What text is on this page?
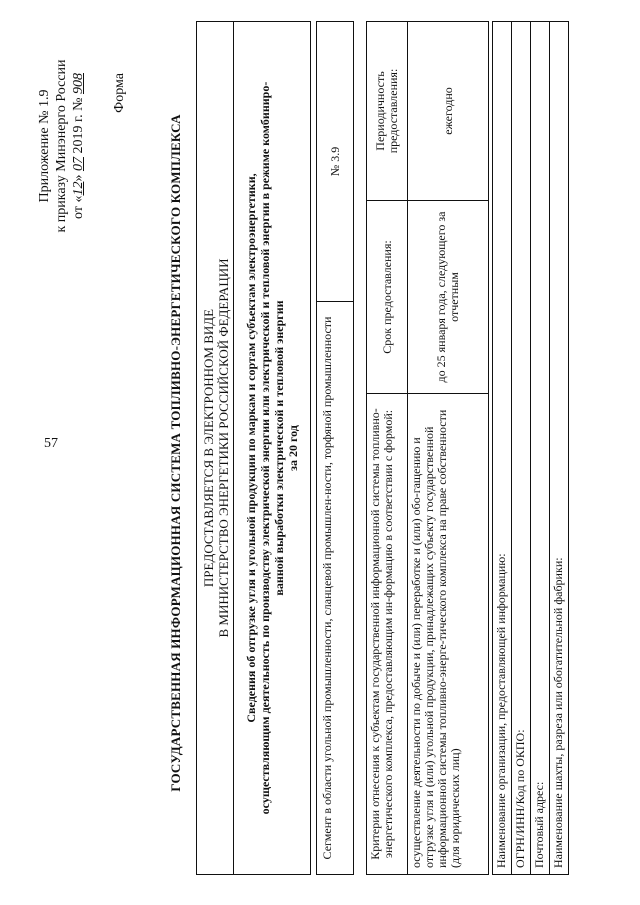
57
Приложение № 1.9 к приказу Минэнерго России от «12» 07 2019 г. № 908 Форма
ГОСУДАРСТВЕННАЯ ИНФОРМАЦИОННАЯ СИСТЕМА ТОПЛИВНО-ЭНЕРГЕТИЧЕСКОГО КОМПЛЕКСА ПРЕДОСТАВЛЯЕТСЯ В ЭЛЕКТРОННОМ ВИДЕ В МИНИСТЕРСТВО ЭНЕРГЕТИКИ РОССИЙСКОЙ ФЕДЕРАЦИИ Сведения об отгрузке угля и угольной продукции по маркам и сортам субъектам электроэнергетики, осуществляющим деятельность по производству электрической энергии или электрической и тепловой энергии в режиме комбиниро- ванной выработки электрической и тепловой энергии за 20 год Сегмент в области угольной промышленности, сланцевой промышлен-ности, торфяной промышленности
№ 3.9
Критерии отнесения к субъектам государственной информационной системы топливно-энергетического комплекса, предоставляющим ин-формацию в соответствии с формой:
Срок предоставления:
Периодичность предоставления:
осуществление деятельности по добыче и (или) переработке и (или) обо-гащению и отгрузке угля и (или) угольной продукции, принадлежащих субъекту государственной информационной системы топливно-энерге-тического комплекса на праве собственности (для юридических лиц)
до 25 января года, следующего за отчетным
ежегодно
Наименование организации, предоставляющей информацию: ОГРН/ИНН/Код по ОКПО: Почтовый адрес: Наименование шахты, разреза или обогатительной фабрики:
